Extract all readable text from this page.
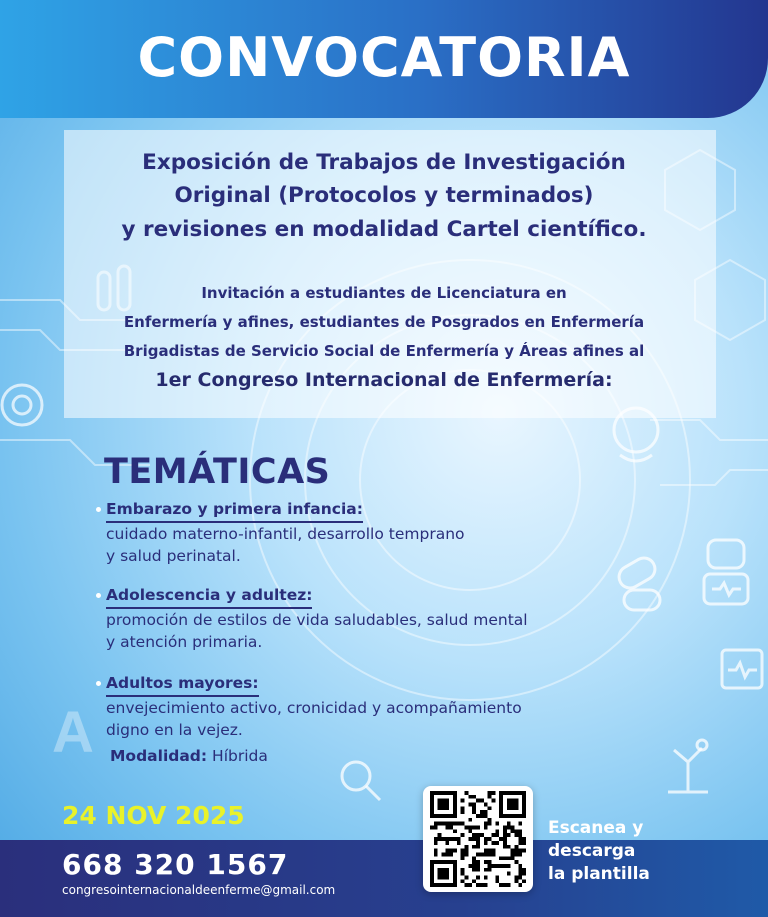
A
CONVOCATORIA
Exposición de Trabajos de Investigación
Original (Protocolos y terminados)
y revisiones en modalidad Cartel científico.
Invitación a estudiantes de Licenciatura en
Enfermería y afines, estudiantes de Posgrados en Enfermería
Brigadistas de Servicio Social de Enfermería y Áreas afines al
1er Congreso Internacional de Enfermería:
TEMÁTICAS
Embarazo y primera infancia:
cuidado materno-infantil, desarrollo temprano
y salud perinatal.
Adolescencia y adultez:
promoción de estilos de vida saludables, salud mental
y atención primaria.
Adultos mayores:
envejecimiento activo, cronicidad y acompañamiento
digno en la vejez.
Modalidad: Híbrida
24 NOV 2025
668 320 1567
congresointernacionaldeenferme@gmail.com
Escanea y
descarga
la plantilla
